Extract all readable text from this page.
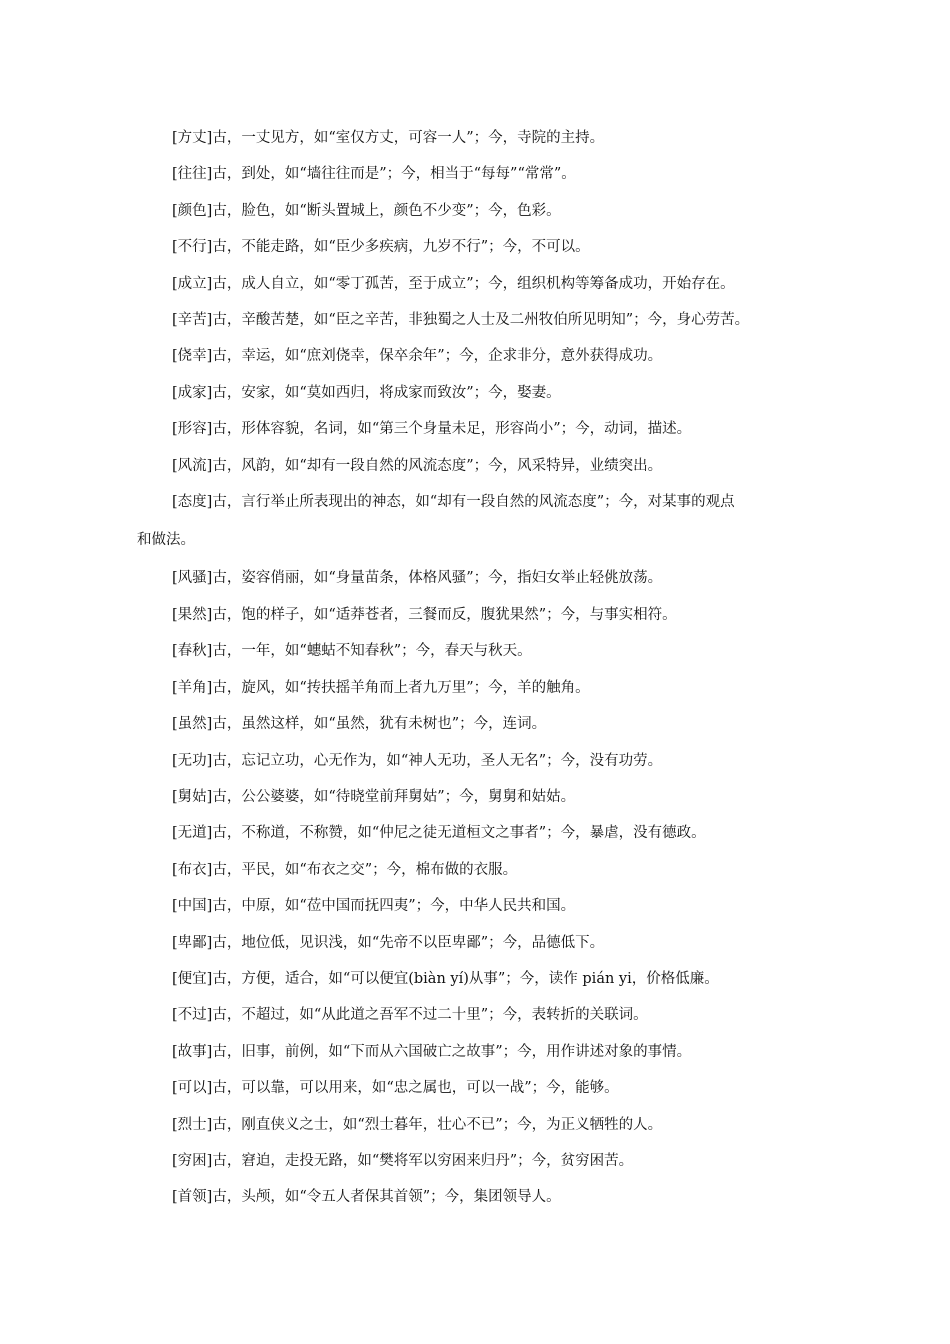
[方丈]古，一丈见方，如“室仅方丈，可容一人”；今，寺院的主持。

[往往]古，到处，如“墙往往而是”；今，相当于“每每”“常常”。

[颜色]古，脸色，如“断头置城上，颜色不少变”；今，色彩。

[不行]古，不能走路，如“臣少多疾病，九岁不行”；今，不可以。

[成立]古，成人自立，如“零丁孤苦，至于成立”；今，组织机构等筹备成功，开始存在。

[辛苦]古，辛酸苦楚，如“臣之辛苦，非独蜀之人士及二州牧伯所见明知”；今，身心劳苦。

[侥幸]古，幸运，如“庶刘侥幸，保卒余年”；今，企求非分，意外获得成功。

[成家]古，安家，如“莫如西归，将成家而致汝”；今，娶妻。

[形容]古，形体容貌，名词，如“第三个身量未足，形容尚小”；今，动词，描述。

[风流]古，风韵，如“却有一段自然的风流态度”；今，风采特异，业绩突出。

[态度]古，言行举止所表现出的神态，如“却有一段自然的风流态度”；今，对某事的观点

和做法。

[风骚]古，姿容俏丽，如“身量苗条，体格风骚”；今，指妇女举止轻佻放荡。

[果然]古，饱的样子，如“适莽苍者，三餐而反，腹犹果然”；今，与事实相符。

[春秋]古，一年，如“蟪蛄不知春秋”；今，春天与秋天。

[羊角]古，旋风，如“抟扶摇羊角而上者九万里”；今，羊的触角。

[虽然]古，虽然这样，如“虽然，犹有未树也”；今，连词。

[无功]古，忘记立功，心无作为，如“神人无功，圣人无名”；今，没有功劳。

[舅姑]古，公公婆婆，如“待晓堂前拜舅姑”；今，舅舅和姑姑。

[无道]古，不称道，不称赞，如“仲尼之徒无道桓文之事者”；今，暴虐，没有德政。

[布衣]古，平民，如“布衣之交”；今，棉布做的衣服。

[中国]古，中原，如“莅中国而抚四夷”；今，中华人民共和国。

[卑鄙]古，地位低，见识浅，如“先帝不以臣卑鄙”；今，品德低下。

[便宜]古，方便，适合，如“可以便宜(biàn yí)从事”；今，读作 pián yi，价格低廉。

[不过]古，不超过，如“从此道之吾军不过二十里”；今，表转折的关联词。

[故事]古，旧事，前例，如“下而从六国破亡之故事”；今，用作讲述对象的事情。

[可以]古，可以靠，可以用来，如“忠之属也，可以一战”；今，能够。

[烈士]古，刚直侠义之士，如“烈士暮年，壮心不已”；今，为正义牺牲的人。

[穷困]古，窘迫，走投无路，如“樊将军以穷困来归丹”；今，贫穷困苦。

[首领]古，头颅，如“令五人者保其首领”；今，集团领导人。
